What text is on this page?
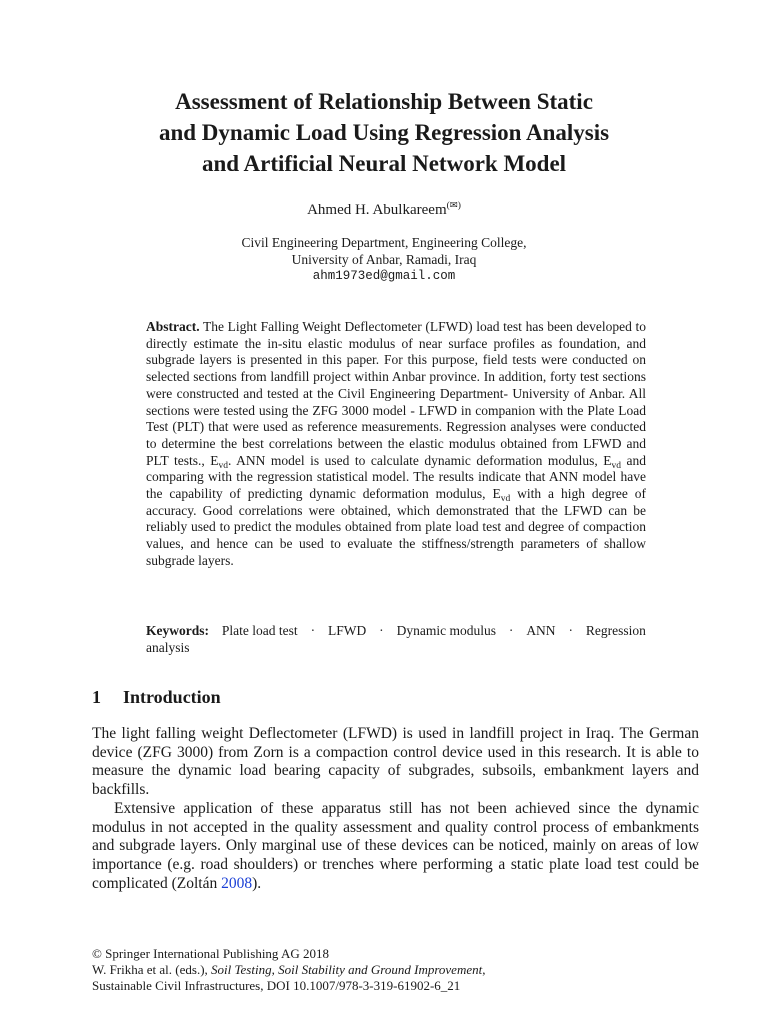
Assessment of Relationship Between Static
and Dynamic Load Using Regression Analysis
and Artificial Neural Network Model
Ahmed H. Abulkareem(✉)
Civil Engineering Department, Engineering College,
University of Anbar, Ramadi, Iraq
ahm1973ed@gmail.com
Abstract. The Light Falling Weight Deflectometer (LFWD) load test has been developed to directly estimate the in-situ elastic modulus of near surface profiles as foundation, and subgrade layers is presented in this paper. For this purpose, field tests were conducted on selected sections from landfill project within Anbar province. In addition, forty test sections were constructed and tested at the Civil Engineering Department- University of Anbar. All sections were tested using the ZFG 3000 model - LFWD in companion with the Plate Load Test (PLT) that were used as reference measurements. Regression analyses were conducted to determine the best correlations between the elastic modulus obtained from LFWD and PLT tests., $E_{vd}$. ANN model is used to calculate dynamic deformation modulus, $E_{vd}$ and comparing with the regression statistical model. The results indicate that ANN model have the capability of predicting dynamic deformation modulus, $E_{vd}$ with a high degree of accuracy. Good correlations were obtained, which demonstrated that the LFWD can be reliably used to predict the modules obtained from plate load test and degree of compaction values, and hence can be used to evaluate the stiffness/strength parameters of shallow subgrade layers.
Keywords: Plate load test · LFWD · Dynamic modulus · ANN · Regression
analysis
1 Introduction

The light falling weight Deflectometer (LFWD) is used in landfill project in Iraq. The German device (ZFG 3000) from Zorn is a compaction control device used in this research. It is able to measure the dynamic load bearing capacity of subgrades, subsoils, embankment layers and backfills.

Extensive application of these apparatus still has not been achieved since the dynamic modulus in not accepted in the quality assessment and quality control process of embankments and subgrade layers. Only marginal use of these devices can be noticed, mainly on areas of low importance (e.g. road shoulders) or trenches where performing a static plate load test could be complicated (Zoltán 2008).

© Springer International Publishing AG 2018
W. Frikha et al. (eds.), Soil Testing, Soil Stability and Ground Improvement,
Sustainable Civil Infrastructures, DOI 10.1007/978-3-319-61902-6_21
